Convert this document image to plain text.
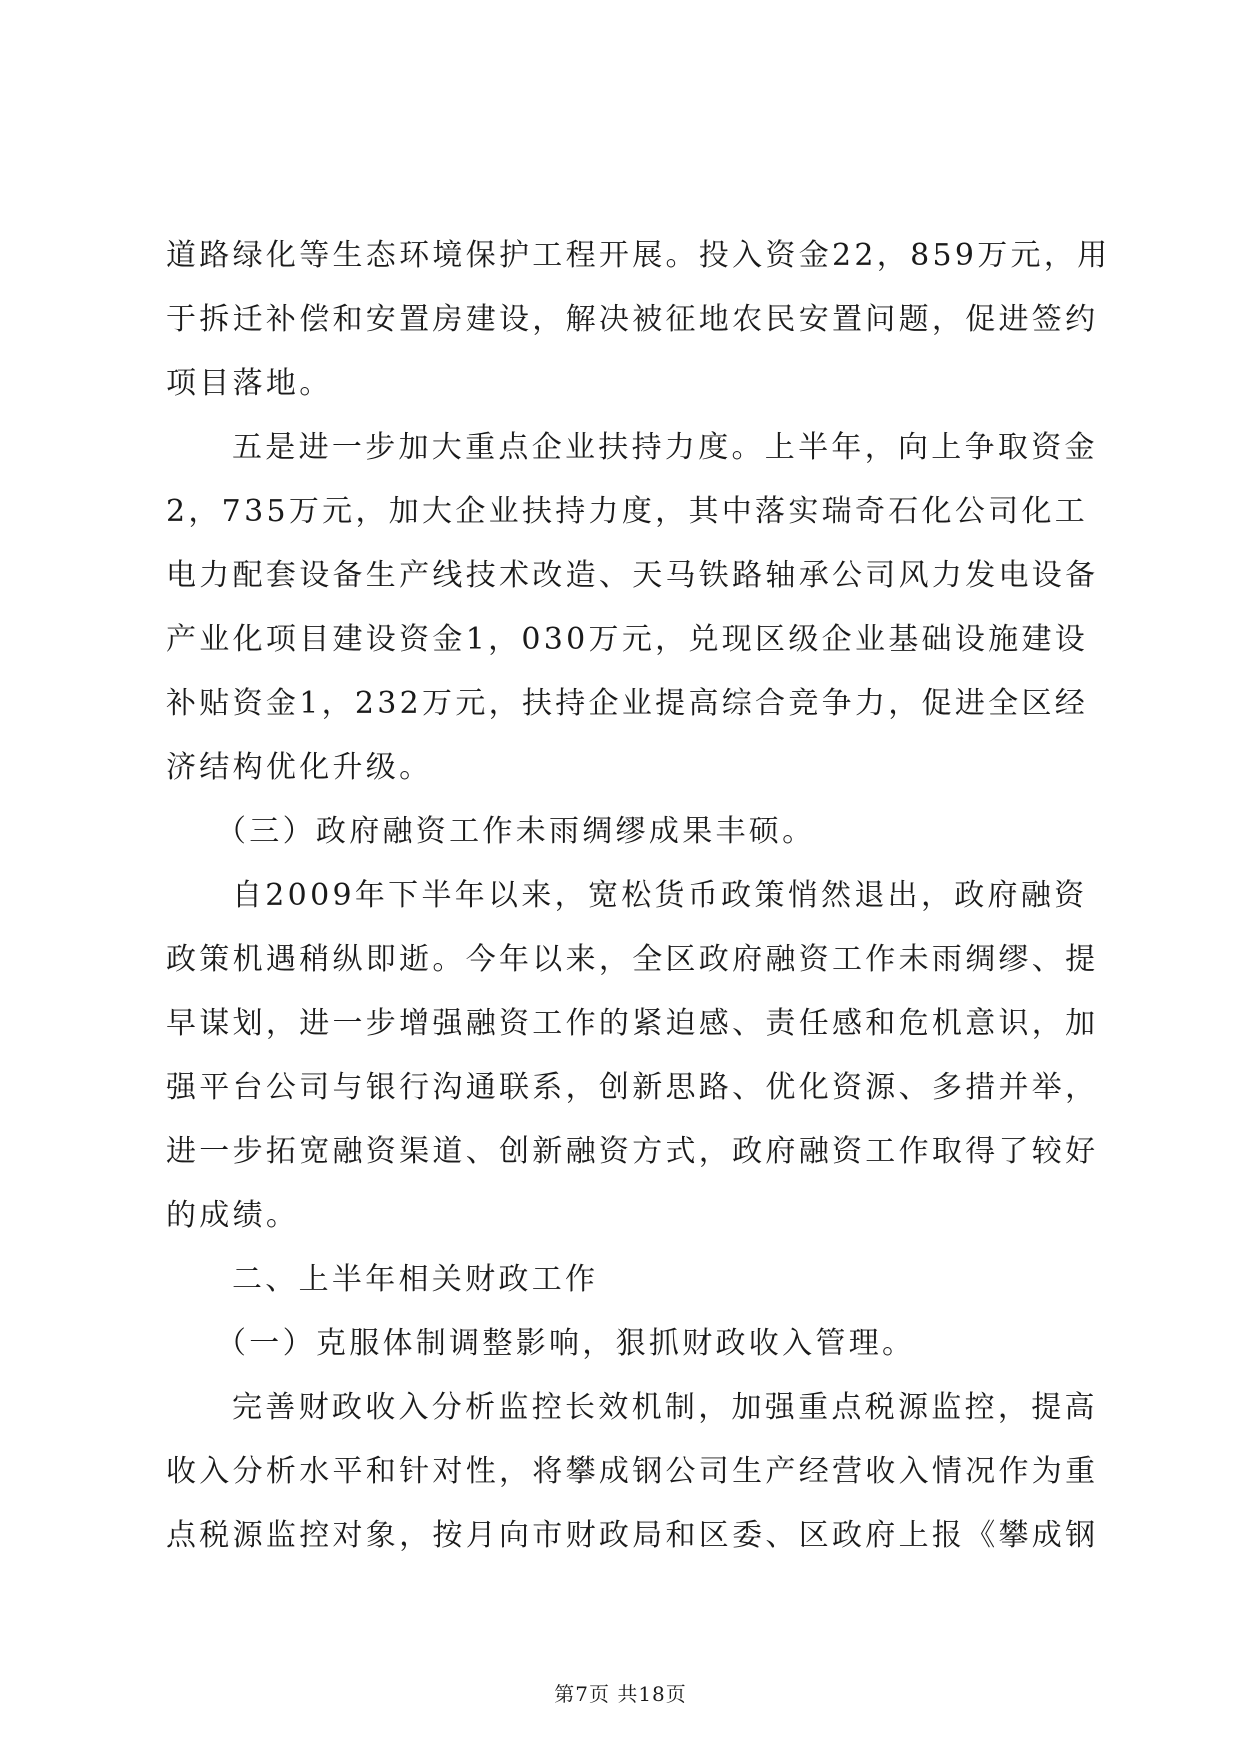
道路绿化等生态环境保护工程开展。投入资金22，859万元，用
于拆迁补偿和安置房建设，解决被征地农民安置问题，促进签约
项目落地。
五是进一步加大重点企业扶持力度。上半年，向上争取资金
2，735万元，加大企业扶持力度，其中落实瑞奇石化公司化工
电力配套设备生产线技术改造、天马铁路轴承公司风力发电设备
产业化项目建设资金1，030万元，兑现区级企业基础设施建设
补贴资金1，232万元，扶持企业提高综合竞争力，促进全区经
济结构优化升级。
（三）政府融资工作未雨绸缪成果丰硕。
自2009年下半年以来，宽松货币政策悄然退出，政府融资
政策机遇稍纵即逝。今年以来，全区政府融资工作未雨绸缪、提
早谋划，进一步增强融资工作的紧迫感、责任感和危机意识，加
强平台公司与银行沟通联系，创新思路、优化资源、多措并举，
进一步拓宽融资渠道、创新融资方式，政府融资工作取得了较好
的成绩。
二、上半年相关财政工作
（一）克服体制调整影响，狠抓财政收入管理。
完善财政收入分析监控长效机制，加强重点税源监控，提高
收入分析水平和针对性，将攀成钢公司生产经营收入情况作为重
点税源监控对象，按月向市财政局和区委、区政府上报《攀成钢
第7页 共18页
